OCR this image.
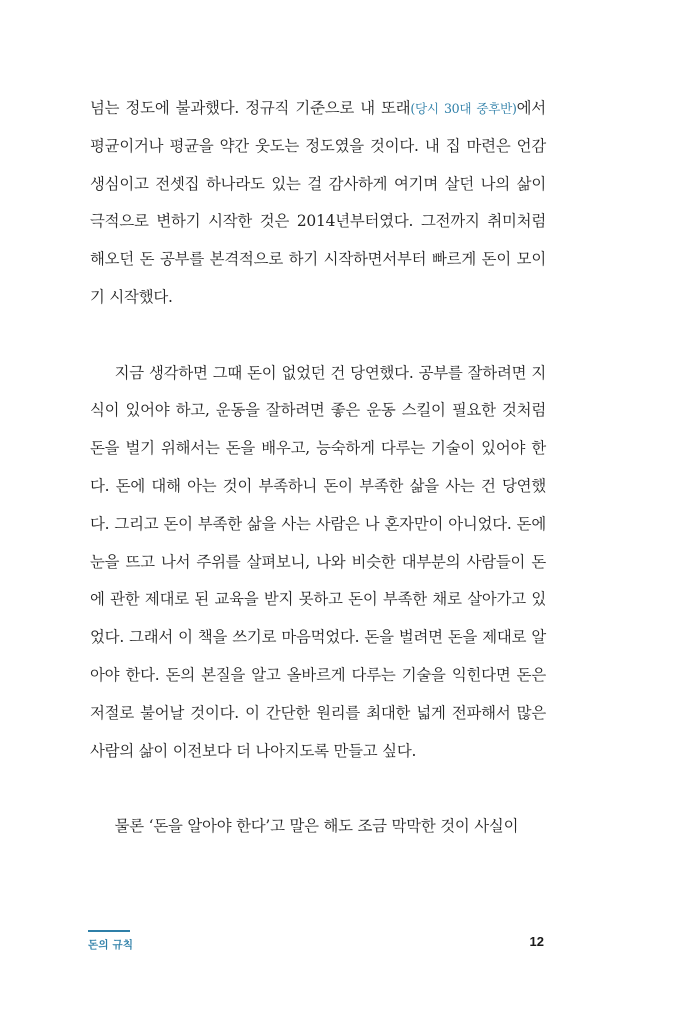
넘는 정도에 불과했다. 정규직 기준으로 내 또래(당시 30대 중후반)에서 평균이거나 평균을 약간 웃도는 정도였을 것이다. 내 집 마련은 언감생심이고 전셋집 하나라도 있는 걸 감사하게 여기며 살던 나의 삶이 극적으로 변하기 시작한 것은 2014년부터였다. 그전까지 취미처럼 해오던 돈 공부를 본격적으로 하기 시작하면서부터 빠르게 돈이 모이기 시작했다.

지금 생각하면 그때 돈이 없었던 건 당연했다. 공부를 잘하려면 지식이 있어야 하고, 운동을 잘하려면 좋은 운동 스킬이 필요한 것처럼 돈을 벌기 위해서는 돈을 배우고, 능숙하게 다루는 기술이 있어야 한다. 돈에 대해 아는 것이 부족하니 돈이 부족한 삶을 사는 건 당연했다. 그리고 돈이 부족한 삶을 사는 사람은 나 혼자만이 아니었다. 돈에 눈을 뜨고 나서 주위를 살펴보니, 나와 비슷한 대부분의 사람들이 돈에 관한 제대로 된 교육을 받지 못하고 돈이 부족한 채로 살아가고 있었다. 그래서 이 책을 쓰기로 마음먹었다. 돈을 벌려면 돈을 제대로 알아야 한다. 돈의 본질을 알고 올바르게 다루는 기술을 익힌다면 돈은 저절로 불어날 것이다. 이 간단한 원리를 최대한 넓게 전파해서 많은 사람의 삶이 이전보다 더 나아지도록 만들고 싶다.

물론 ‘돈을 알아야 한다’고 말은 해도 조금 막막한 것이 사실이

돈의 규칙	12
